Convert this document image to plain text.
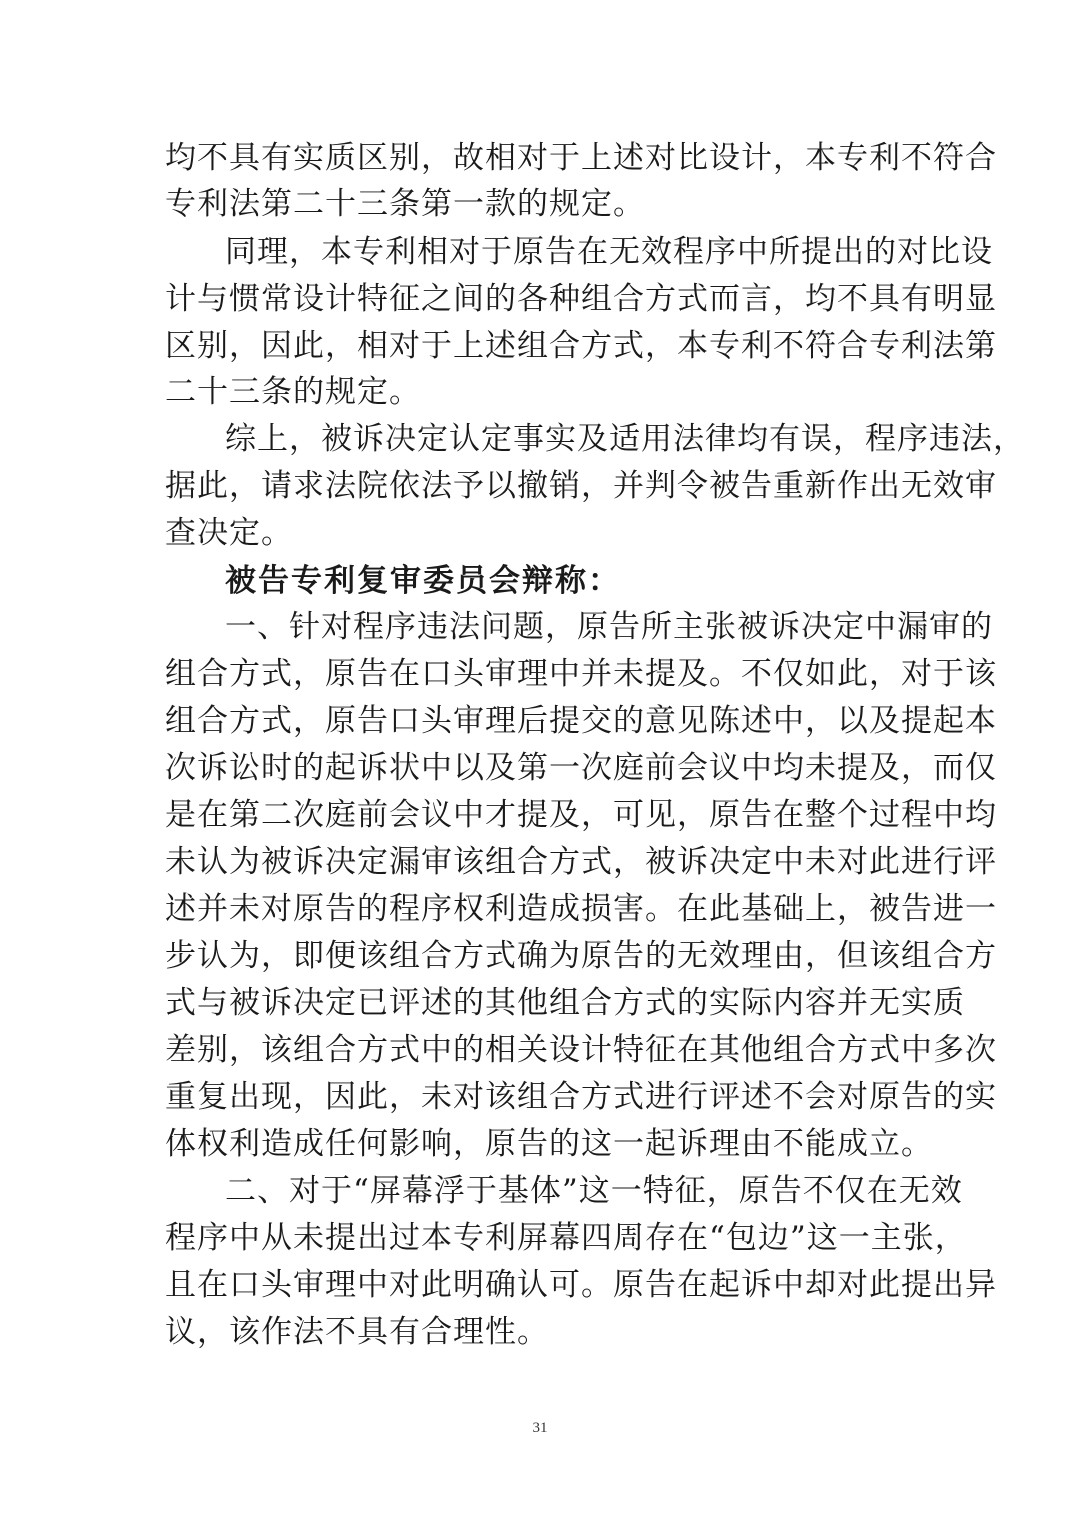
均不具有实质区别，故相对于上述对比设计，本专利不符合
专利法第二十三条第一款的规定。
同理，本专利相对于原告在无效程序中所提出的对比设
计与惯常设计特征之间的各种组合方式而言，均不具有明显
区别，因此，相对于上述组合方式，本专利不符合专利法第
二十三条的规定。
综上，被诉决定认定事实及适用法律均有误，程序违法，
据此，请求法院依法予以撤销，并判令被告重新作出无效审
查决定。
被告专利复审委员会辩称：
一、针对程序违法问题，原告所主张被诉决定中漏审的
组合方式，原告在口头审理中并未提及。不仅如此，对于该
组合方式，原告口头审理后提交的意见陈述中，以及提起本
次诉讼时的起诉状中以及第一次庭前会议中均未提及，而仅
是在第二次庭前会议中才提及，可见，原告在整个过程中均
未认为被诉决定漏审该组合方式，被诉决定中未对此进行评
述并未对原告的程序权利造成损害。在此基础上，被告进一
步认为，即便该组合方式确为原告的无效理由，但该组合方
式与被诉决定已评述的其他组合方式的实际内容并无实质
差别，该组合方式中的相关设计特征在其他组合方式中多次
重复出现，因此，未对该组合方式进行评述不会对原告的实
体权利造成任何影响，原告的这一起诉理由不能成立。
二、对于“屏幕浮于基体”这一特征，原告不仅在无效
程序中从未提出过本专利屏幕四周存在“包边”这一主张，
且在口头审理中对此明确认可。原告在起诉中却对此提出异
议，该作法不具有合理性。
31
